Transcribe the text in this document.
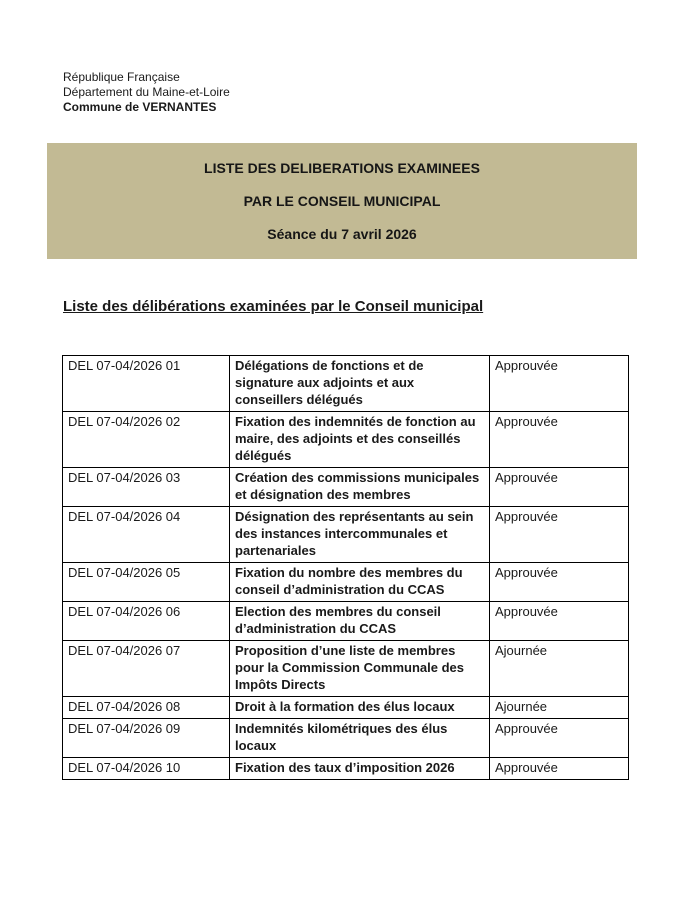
République Française
Département du Maine-et-Loire
Commune de VERNANTES
LISTE DES DELIBERATIONS EXAMINEES
PAR LE CONSEIL MUNICIPAL
Séance du 7 avril 2026
Liste des délibérations examinées par le Conseil municipal
DEL 07-04/2026 01	Délégations de fonctions et de signature aux adjoints et aux conseillers délégués	Approuvée
DEL 07-04/2026 02	Fixation des indemnités de fonction au maire, des adjoints et des conseillés délégués	Approuvée
DEL 07-04/2026 03	Création des commissions municipales et désignation des membres	Approuvée
DEL 07-04/2026 04	Désignation des représentants au sein des instances intercommunales et partenariales	Approuvée
DEL 07-04/2026 05	Fixation du nombre des membres du conseil d’administration du CCAS	Approuvée
DEL 07-04/2026 06	Election des membres du conseil d’administration du CCAS	Approuvée
DEL 07-04/2026 07	Proposition d’une liste de membres pour la Commission Communale des Impôts Directs	Ajournée
DEL 07-04/2026 08	Droit à la formation des élus locaux	Ajournée
DEL 07-04/2026 09	Indemnités kilométriques des élus locaux	Approuvée
DEL 07-04/2026 10	Fixation des taux d’imposition 2026	Approuvée
